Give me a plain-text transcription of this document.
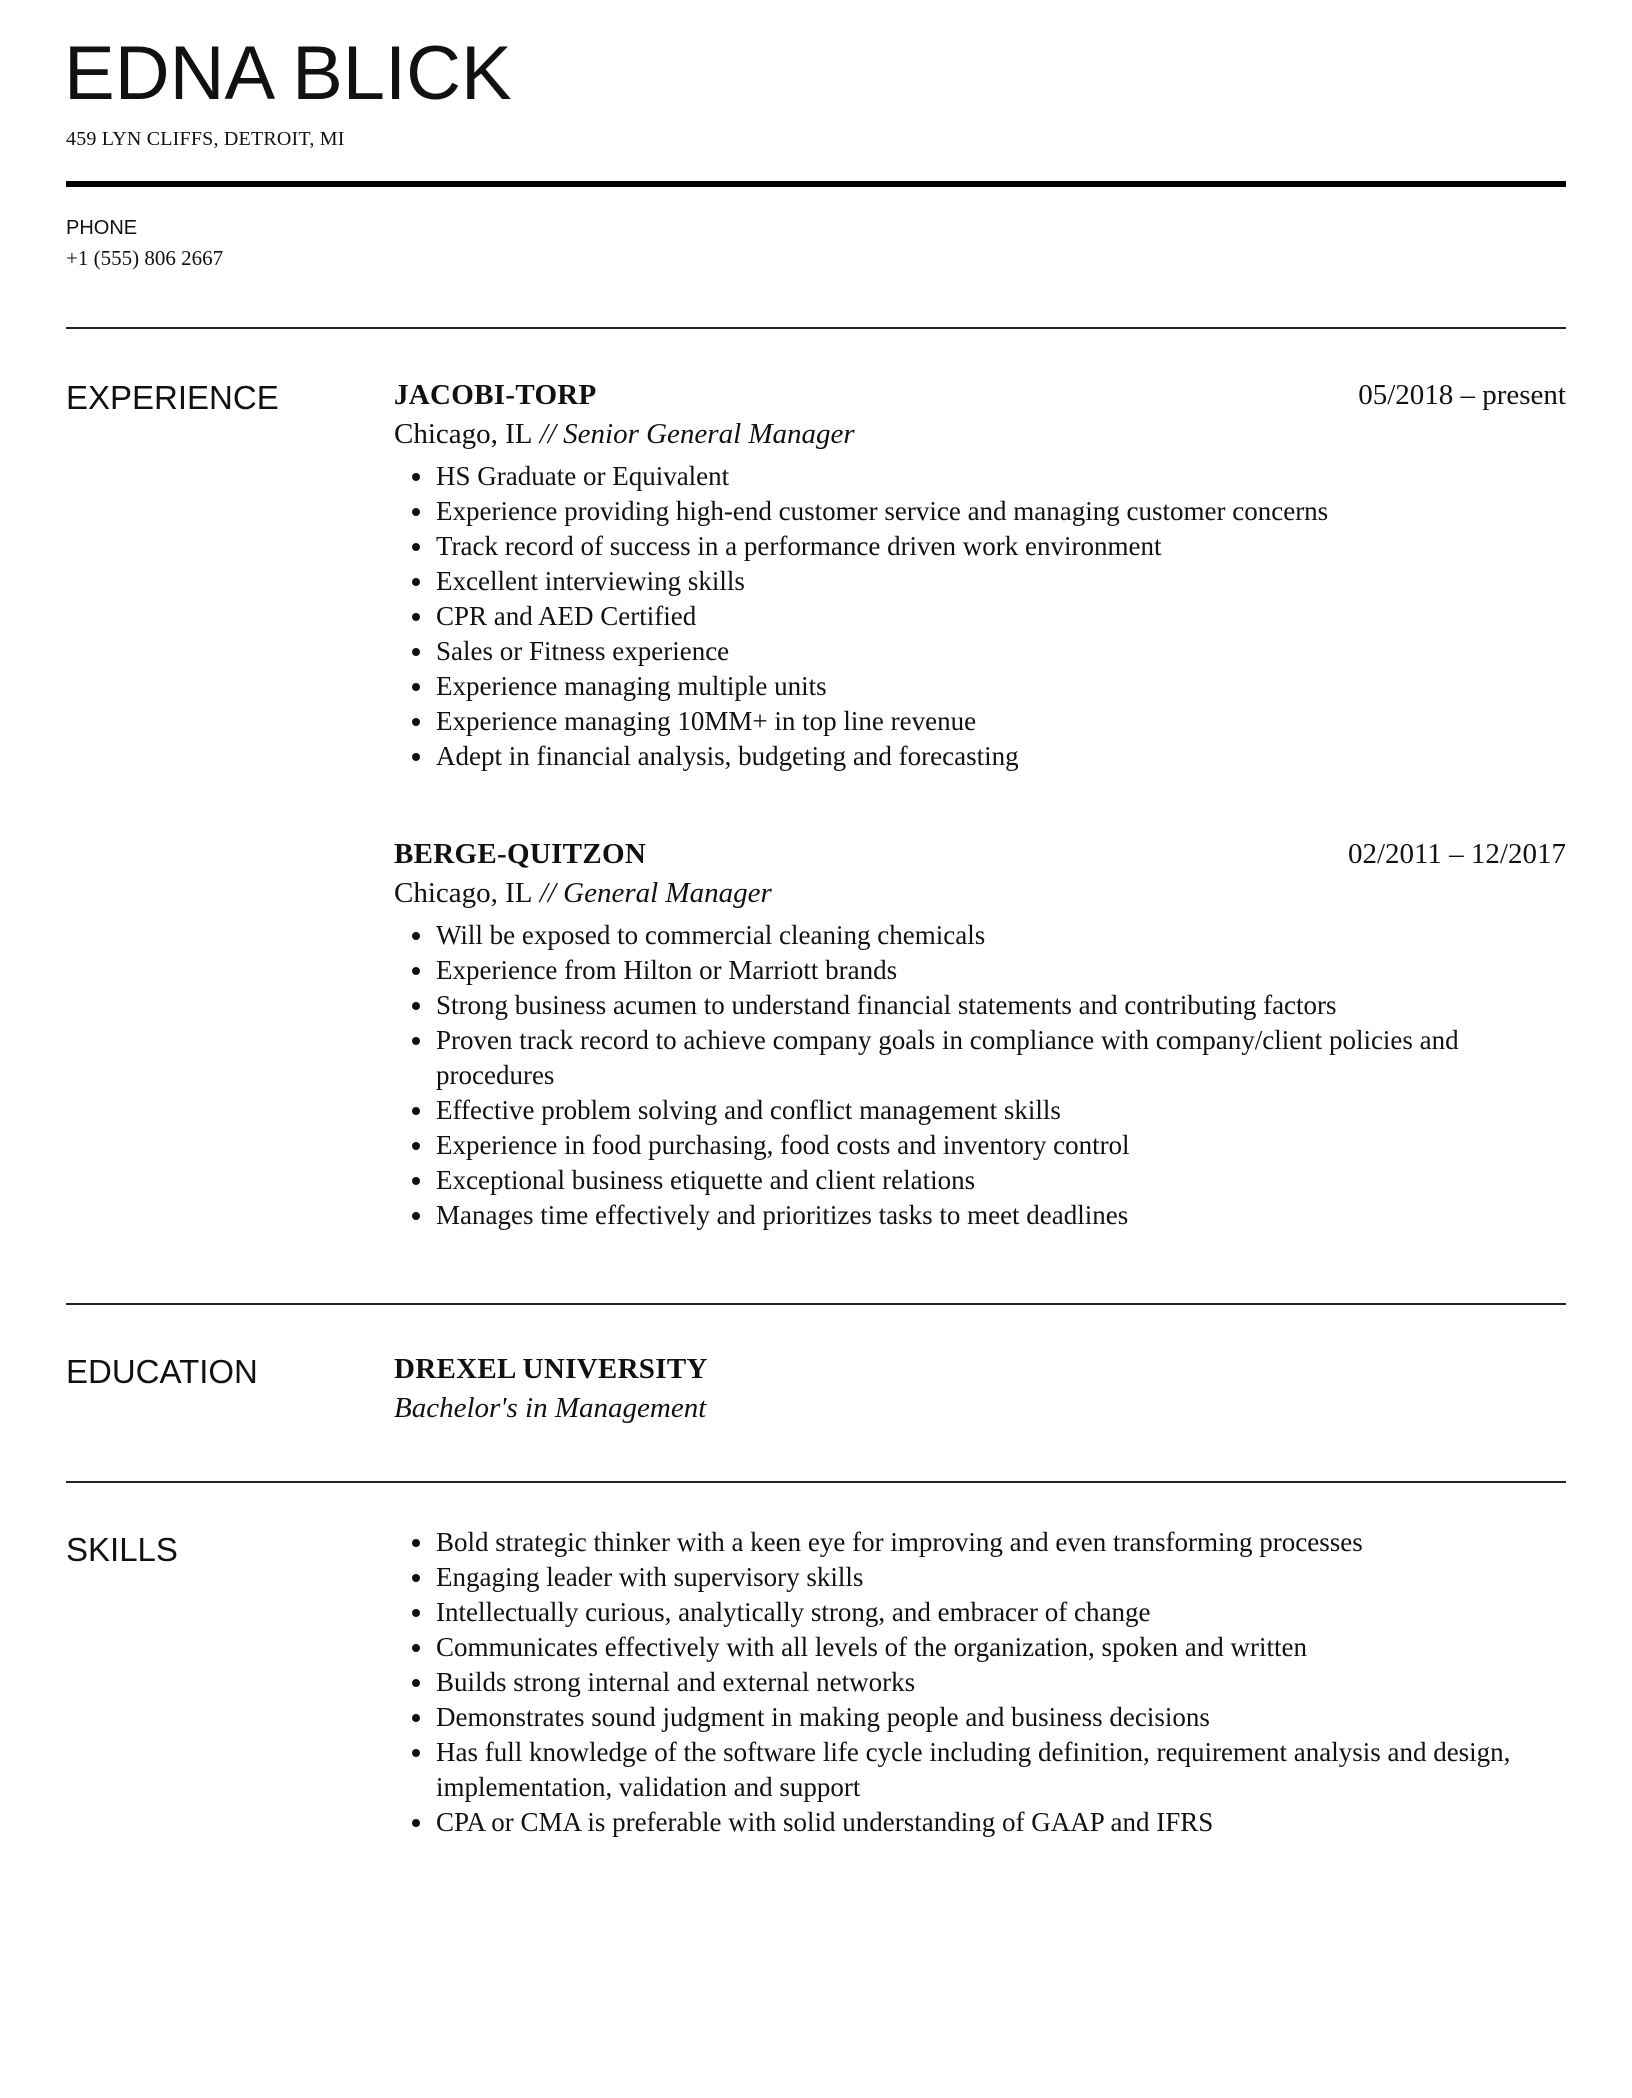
EDNA BLICK
459 LYN CLIFFS, DETROIT, MI
PHONE
+1 (555) 806 2667
EXPERIENCE	JACOBI-TORP	05/2018 – present
Chicago, IL // Senior General Manager
HS Graduate or Equivalent
Experience providing high-end customer service and managing customer concerns
Track record of success in a performance driven work environment
Excellent interviewing skills
CPR and AED Certified
Sales or Fitness experience
Experience managing multiple units
Experience managing 10MM+ in top line revenue
Adept in financial analysis, budgeting and forecasting
BERGE-QUITZON	02/2011 – 12/2017
Chicago, IL // General Manager
Will be exposed to commercial cleaning chemicals
Experience from Hilton or Marriott brands
Strong business acumen to understand financial statements and contributing factors
Proven track record to achieve company goals in compliance with company/client policies and procedures
Effective problem solving and conflict management skills
Experience in food purchasing, food costs and inventory control
Exceptional business etiquette and client relations
Manages time effectively and prioritizes tasks to meet deadlines
EDUCATION	DREXEL UNIVERSITY
Bachelor's in Management
SKILLS	Bold strategic thinker with a keen eye for improving and even transforming processes
Engaging leader with supervisory skills
Intellectually curious, analytically strong, and embracer of change
Communicates effectively with all levels of the organization, spoken and written
Builds strong internal and external networks
Demonstrates sound judgment in making people and business decisions
Has full knowledge of the software life cycle including definition, requirement analysis and design, implementation, validation and support
CPA or CMA is preferable with solid understanding of GAAP and IFRS
